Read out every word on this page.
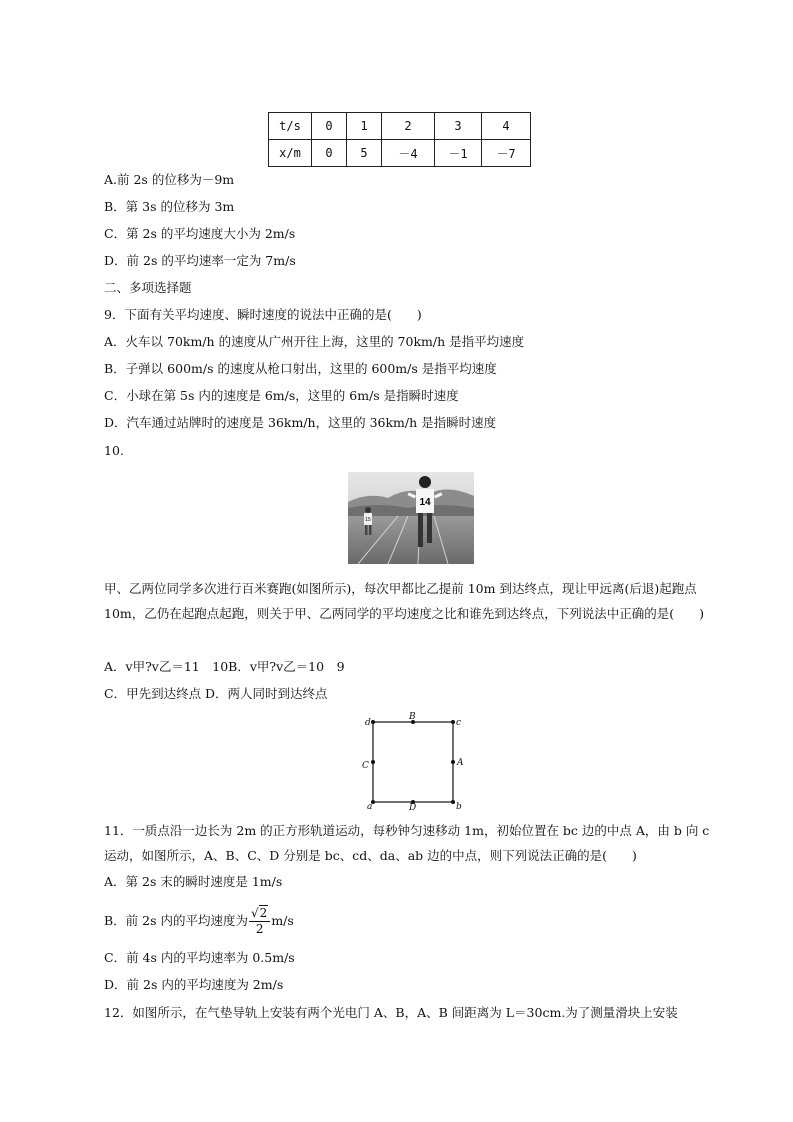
t/s	0	1	2	3	4
x/m	0	5	－4	－1	－7
A.前 2s 的位移为－9m
B．第 3s 的位移为 3m
C．第 2s 的平均速度大小为 2m/s
D．前 2s 的平均速率一定为 7m/s
二、多项选择题
9．下面有关平均速度、瞬时速度的说法中正确的是(　　)
A．火车以 70km/h 的速度从广州开往上海，这里的 70km/h 是指平均速度
B．子弹以 600m/s 的速度从枪口射出，这里的 600m/s 是指平均速度
C．小球在第 5s 内的速度是 6m/s，这里的 6m/s 是指瞬时速度
D．汽车通过站牌时的速度是 36km/h，这里的 36km/h 是指瞬时速度
10.
15
14
甲、乙两位同学多次进行百米赛跑(如图所示)，每次甲都比乙提前 10m 到达终点，现让甲远离(后退)起跑点 10m，乙仍在起跑点起跑，则关于甲、乙两同学的平均速度之比和谁先到达终点，下列说法中正确的是(　　)
A．v甲?v乙＝11　10B．v甲?v乙＝10　9
C．甲先到达终点 D．两人同时到达终点
d	c
a	b
B
D
C	A
11．一质点沿一边长为 2m 的正方形轨道运动，每秒钟匀速移动 1m，初始位置在 bc 边的中点 A，由 b 向 c 运动，如图所示，A、B、C、D 分别是 bc、cd、da、ab 边的中点，则下列说法正确的是(　　)
A．第 2s 末的瞬时速度是 1m/s
B．前 2s 内的平均速度为 $\frac{√2}{2} m/s$
C．前 4s 内的平均速率为 0.5m/s
D．前 2s 内的平均速度为 2m/s
12．如图所示，在气垫导轨上安装有两个光电门 A、B，A、B 间距离为 L＝30cm.为了测量滑块上安装
